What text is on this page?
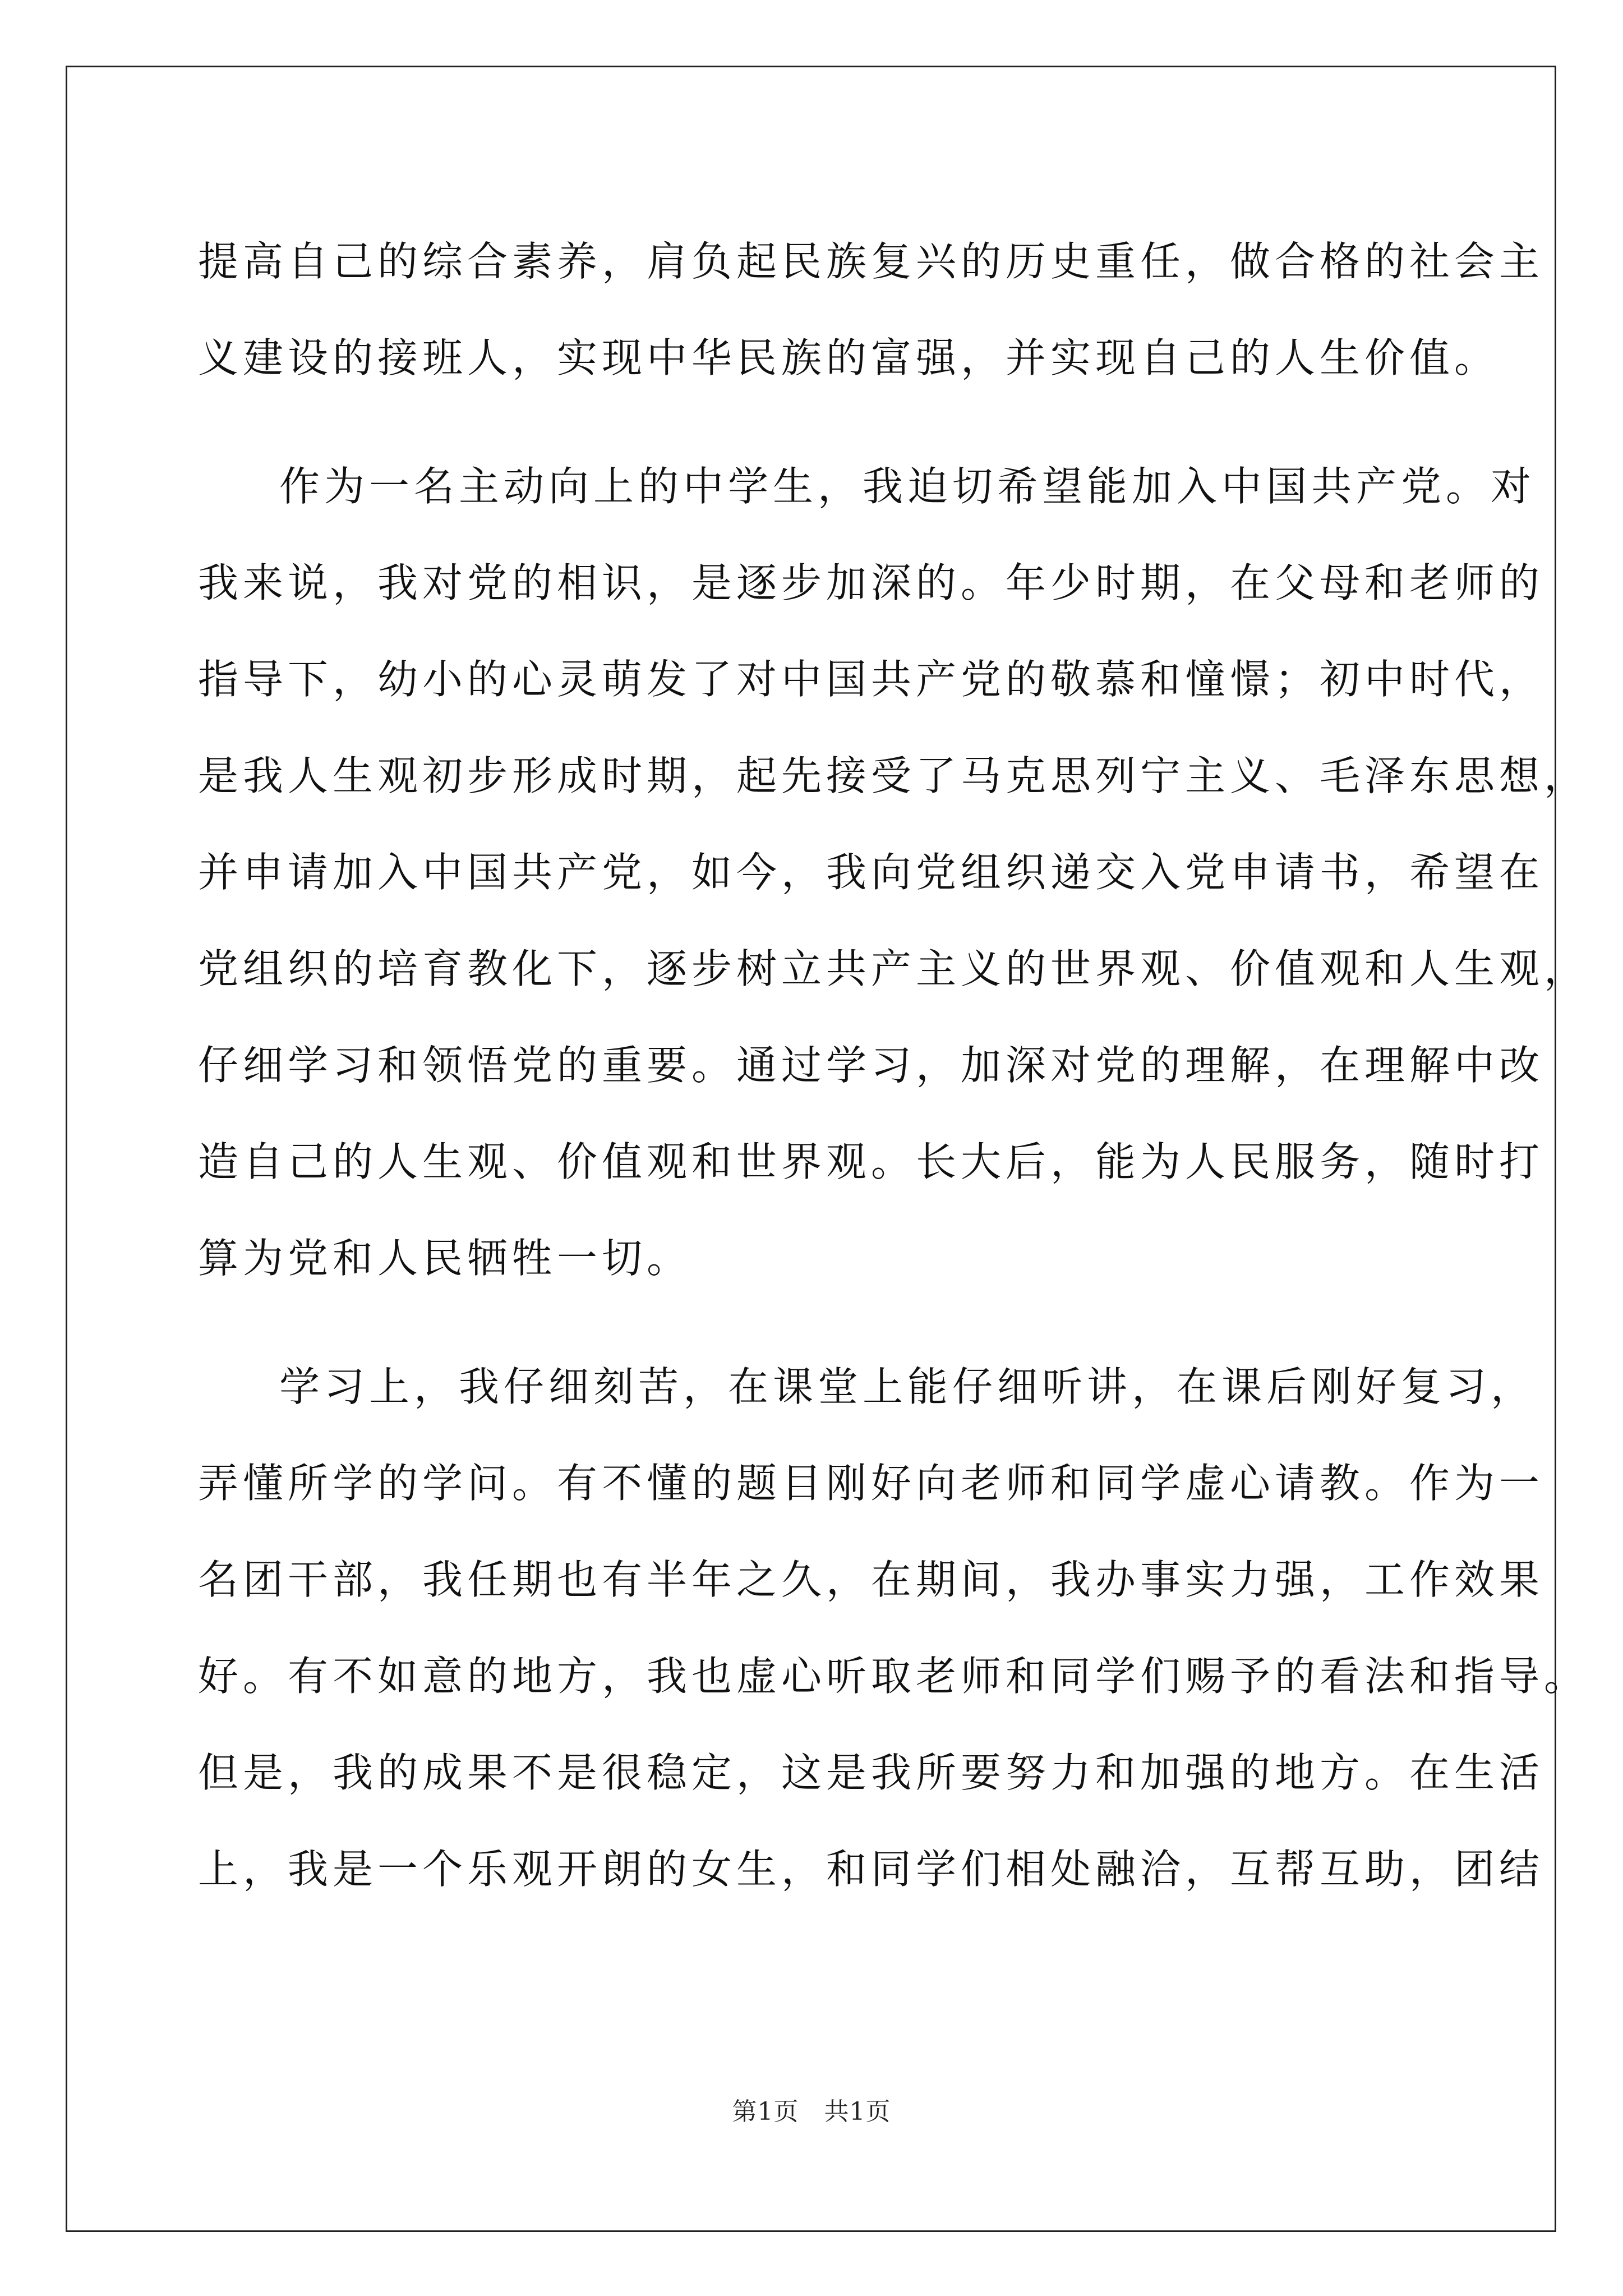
提高自己的综合素养，肩负起民族复兴的历史重任，做合格的社会主
义建设的接班人，实现中华民族的富强，并实现自己的人生价值。
作为一名主动向上的中学生，我迫切希望能加入中国共产党。对
我来说，我对党的相识，是逐步加深的。年少时期，在父母和老师的
指导下，幼小的心灵萌发了对中国共产党的敬慕和憧憬；初中时代，
是我人生观初步形成时期，起先接受了马克思列宁主义、毛泽东思想，
并申请加入中国共产党，如今，我向党组织递交入党申请书，希望在
党组织的培育教化下，逐步树立共产主义的世界观、价值观和人生观，
仔细学习和领悟党的重要。通过学习，加深对党的理解，在理解中改
造自己的人生观、价值观和世界观。长大后，能为人民服务，随时打
算为党和人民牺牲一切。
学习上，我仔细刻苦，在课堂上能仔细听讲，在课后刚好复习，
弄懂所学的学问。有不懂的题目刚好向老师和同学虚心请教。作为一
名团干部，我任期也有半年之久，在期间，我办事实力强，工作效果
好。有不如意的地方，我也虚心听取老师和同学们赐予的看法和指导。
但是，我的成果不是很稳定，这是我所要努力和加强的地方。在生活
上，我是一个乐观开朗的女生，和同学们相处融洽，互帮互助，团结
第1页　共1页
